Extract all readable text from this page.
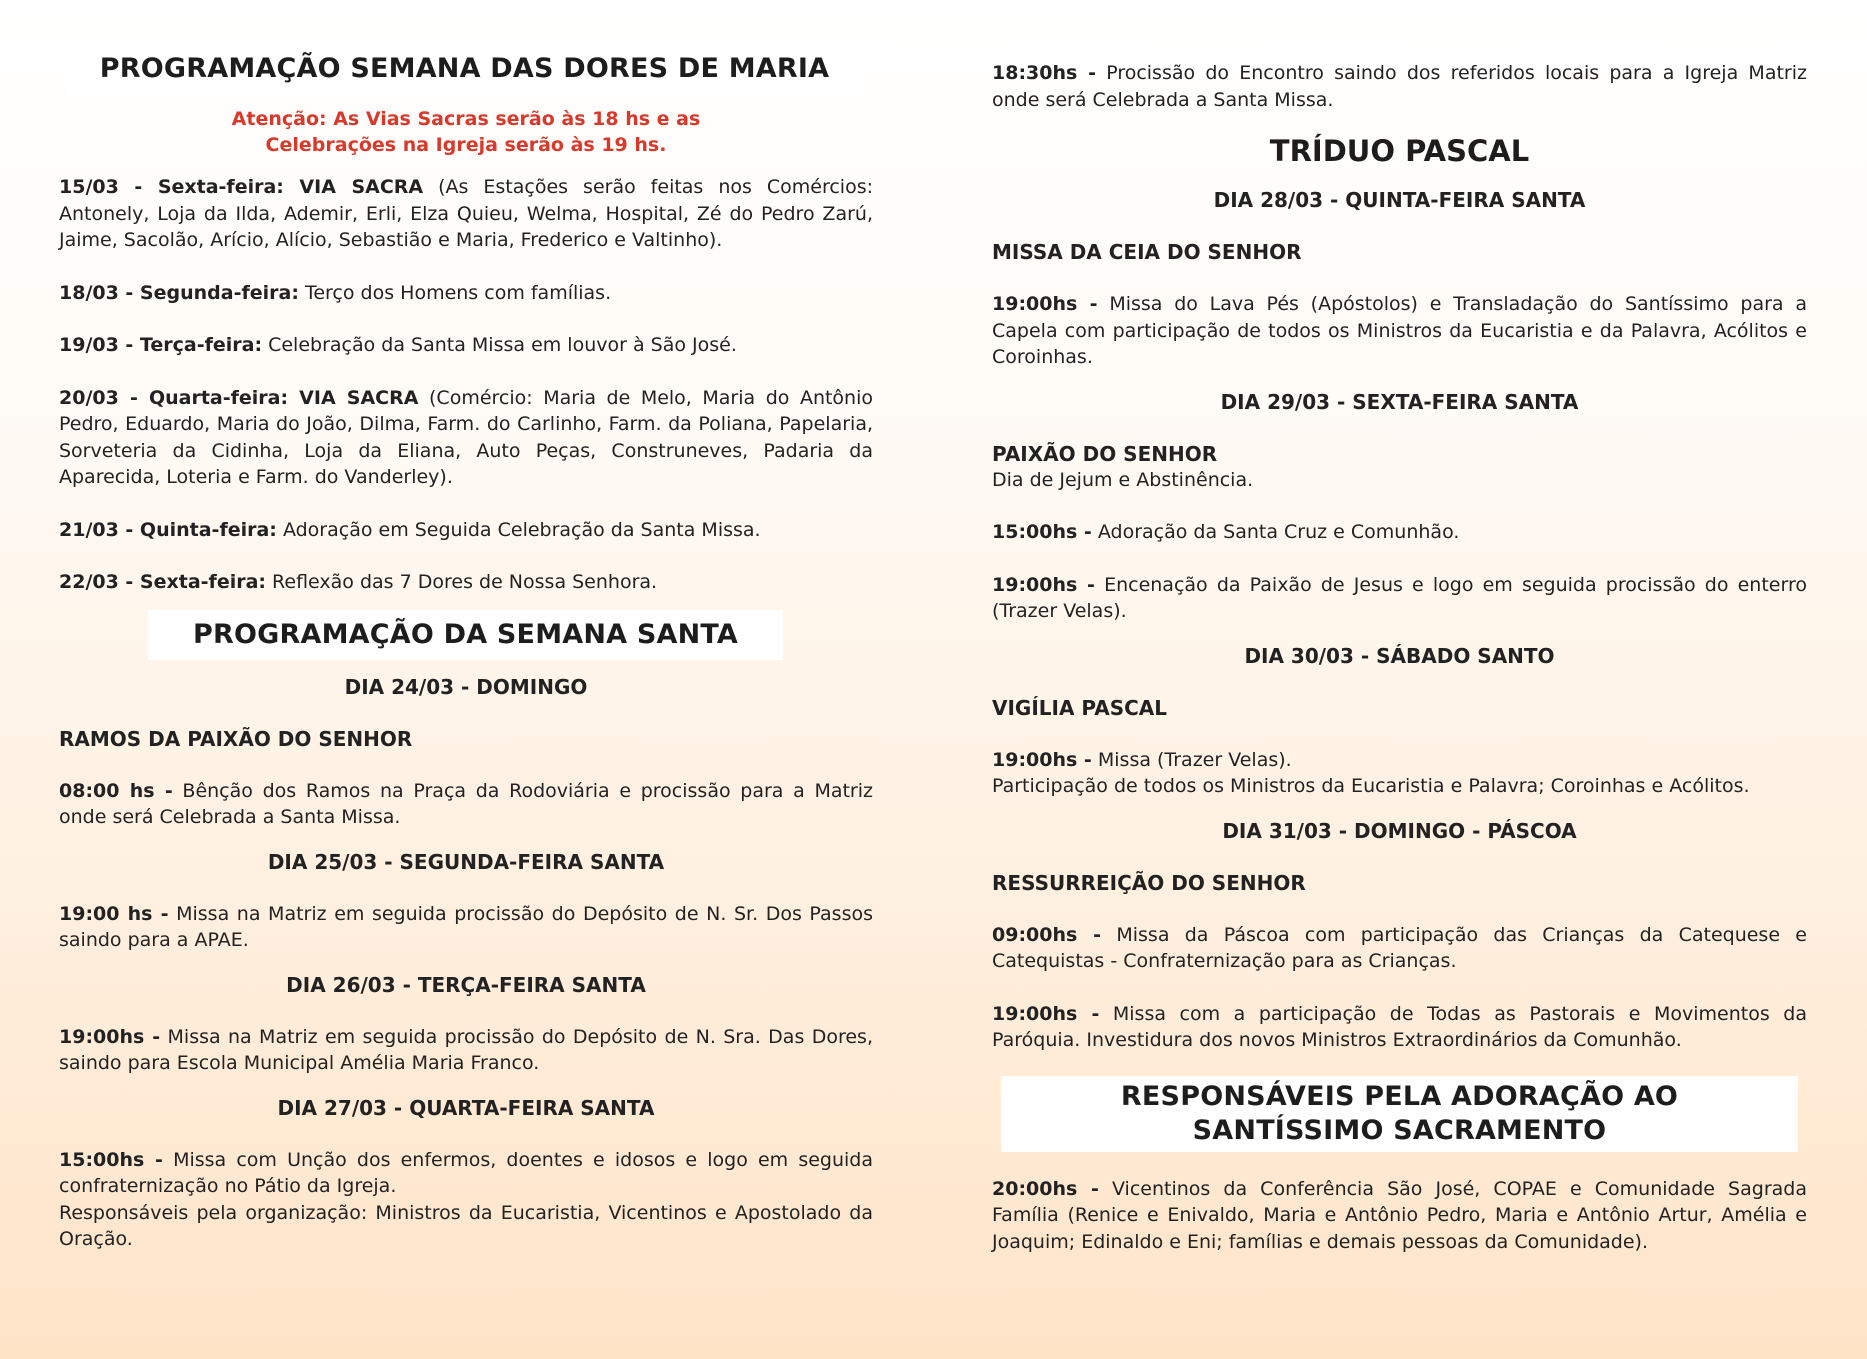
PROGRAMAÇÃO SEMANA DAS DORES DE MARIA
Atenção: As Vias Sacras serão às 18 hs e as
Celebrações na Igreja serão às 19 hs.
15/03 - Sexta-feira: VIA SACRA (As Estações serão feitas nos Comércios: Antonely, Loja da Ilda, Ademir, Erli, Elza Quieu, Welma, Hospital, Zé do Pedro Zarú, Jaime, Sacolão, Arício, Alício, Sebastião e Maria, Frederico e Valtinho).
18/03 - Segunda-feira: Terço dos Homens com famílias.
19/03 - Terça-feira: Celebração da Santa Missa em louvor à São José.
20/03 - Quarta-feira: VIA SACRA (Comércio: Maria de Melo, Maria do Antônio Pedro, Eduardo, Maria do João, Dilma, Farm. do Carlinho, Farm. da Poliana, Papelaria, Sorveteria da Cidinha, Loja da Eliana, Auto Peças, Construneves, Padaria da Aparecida, Loteria e Farm. do Vanderley).
21/03 - Quinta-feira: Adoração em Seguida Celebração da Santa Missa.
22/03 - Sexta-feira: Reflexão das 7 Dores de Nossa Senhora.
PROGRAMAÇÃO DA SEMANA SANTA
DIA 24/03 - DOMINGO
RAMOS DA PAIXÃO DO SENHOR
08:00 hs - Bênção dos Ramos na Praça da Rodoviária e procissão para a Matriz onde será Celebrada a Santa Missa.
DIA 25/03 - SEGUNDA-FEIRA SANTA
19:00 hs - Missa na Matriz em seguida procissão do Depósito de N. Sr. Dos Passos saindo para a APAE.
DIA 26/03 - TERÇA-FEIRA SANTA
19:00hs - Missa na Matriz em seguida procissão do Depósito de N. Sra. Das Dores, saindo para Escola Municipal Amélia Maria Franco.
DIA 27/03 - QUARTA-FEIRA SANTA
15:00hs - Missa com Unção dos enfermos, doentes e idosos e logo em seguida confraternização no Pátio da Igreja.
Responsáveis pela organização: Ministros da Eucaristia, Vicentinos e Apostolado da Oração.
18:30hs - Procissão do Encontro saindo dos referidos locais para a Igreja Matriz onde será Celebrada a Santa Missa.
TRÍDUO PASCAL
DIA 28/03 - QUINTA-FEIRA SANTA
MISSA DA CEIA DO SENHOR
19:00hs - Missa do Lava Pés (Apóstolos) e Transladação do Santíssimo para a Capela com participação de todos os Ministros da Eucaristia e da Palavra, Acólitos e Coroinhas.
DIA 29/03 - SEXTA-FEIRA SANTA
PAIXÃO DO SENHOR
Dia de Jejum e Abstinência.
15:00hs - Adoração da Santa Cruz e Comunhão.
19:00hs - Encenação da Paixão de Jesus e logo em seguida procissão do enterro (Trazer Velas).
DIA 30/03 - SÁBADO SANTO
VIGÍLIA PASCAL
19:00hs - Missa (Trazer Velas).
Participação de todos os Ministros da Eucaristia e Palavra; Coroinhas e Acólitos.
DIA 31/03 - DOMINGO - PÁSCOA
RESSURREIÇÃO DO SENHOR
09:00hs - Missa da Páscoa com participação das Crianças da Catequese e Catequistas - Confraternização para as Crianças.
19:00hs - Missa com a participação de Todas as Pastorais e Movimentos da Paróquia. Investidura dos novos Ministros Extraordinários da Comunhão.
RESPONSÁVEIS PELA ADORAÇÃO AO
SANTÍSSIMO SACRAMENTO
20:00hs - Vicentinos da Conferência São José, COPAE e Comunidade Sagrada Família (Renice e Enivaldo, Maria e Antônio Pedro, Maria e Antônio Artur, Amélia e Joaquim; Edinaldo e Eni; famílias e demais pessoas da Comunidade).
